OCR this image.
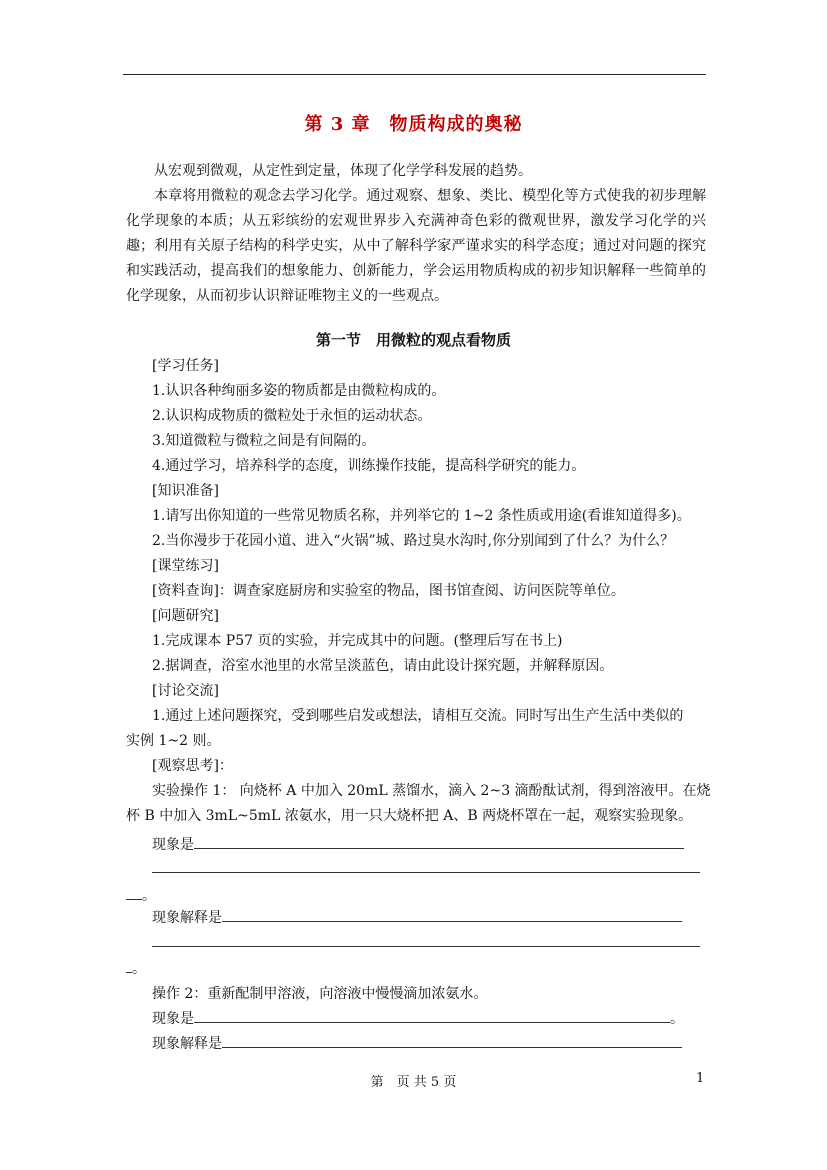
第 3 章　物质构成的奥秘

从宏观到微观，从定性到定量，体现了化学学科发展的趋势。

本章将用微粒的观念去学习化学。通过观察、想象、类比、模型化等方式使我的初步理解化学现象的本质；从五彩缤纷的宏观世界步入充满神奇色彩的微观世界，激发学习化学的兴趣；利用有关原子结构的科学史实，从中了解科学家严谨求实的科学态度；通过对问题的探究和实践活动，提高我们的想象能力、创新能力，学会运用物质构成的初步知识解释一些简单的化学现象，从而初步认识辩证唯物主义的一些观点。

第一节　用微粒的观点看物质

[学习任务]

1.认识各种绚丽多姿的物质都是由微粒构成的。

2.认识构成物质的微粒处于永恒的运动状态。

3.知道微粒与微粒之间是有间隔的。

4.通过学习，培养科学的态度，训练操作技能，提高科学研究的能力。

[知识准备]

1.请写出你知道的一些常见物质名称，并列举它的 1~2 条性质或用途(看谁知道得多)。

2.当你漫步于花园小道、进入“火锅”城、路过臭水沟时,你分别闻到了什么？为什么？

[课堂练习]

[资料查询]：调查家庭厨房和实验室的物品，图书馆查阅、访问医院等单位。

[问题研究]

1.完成课本 P57 页的实验，并完成其中的问题。(整理后写在书上)

2.据调查，浴室水池里的水常呈淡蓝色，请由此设计探究题，并解释原因。

[讨论交流]

1.通过上述问题探究，受到哪些启发或想法，请相互交流。同时写出生产生活中类似的

实例 1~2 则。

[观察思考]：

实验操作 1： 向烧杯 A 中加入 20mL 蒸馏水，滴入 2~3 滴酚酞试剂，得到溶液甲。在烧

杯 B 中加入 3mL~5mL 浓氨水，用一只大烧杯把 A、B 两烧杯罩在一起，观察实验现象。

现象是

。

现象解释是

。

操作 2：重新配制甲溶液，向溶液中慢慢滴加浓氨水。

现象是	。

现象解释是

第　页 共 5 页	1
